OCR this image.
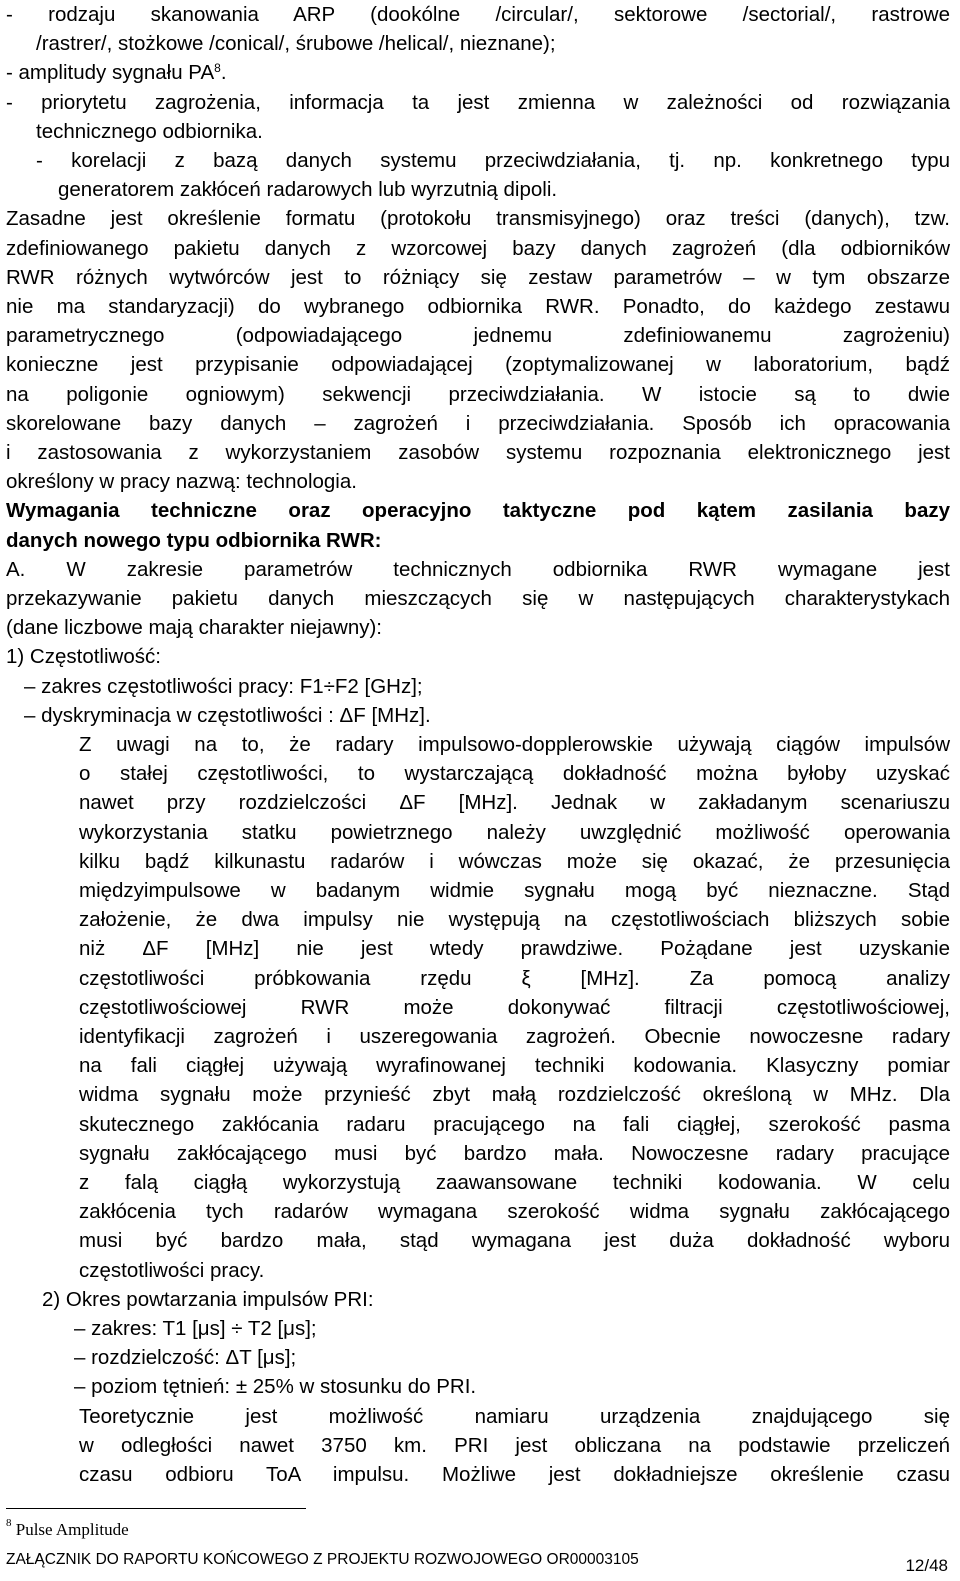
- rodzaju skanowania ARP (dookólne /circular/, sektorowe /sectorial/, rastrowe
/rastrer/, stożkowe /conical/, śrubowe /helical/, nieznane);
- amplitudy sygnału $PA^8$.
- priorytetu zagrożenia, informacja ta jest zmienna w zależności od rozwiązania
technicznego odbiornika.
- korelacji z bazą danych systemu przeciwdziałania, tj. np. konkretnego typu
generatorem zakłóceń radarowych lub wyrzutnią dipoli.
Zasadne jest określenie formatu (protokołu transmisyjnego) oraz treści (danych), tzw.
zdefiniowanego pakietu danych z wzorcowej bazy danych zagrożeń (dla odbiorników
RWR różnych wytwórców jest to różniący się zestaw parametrów – w tym obszarze
nie ma standaryzacji) do wybranego odbiornika RWR. Ponadto, do każdego zestawu
parametrycznego (odpowiadającego jednemu zdefiniowanemu zagrożeniu)
konieczne jest przypisanie odpowiadającej (zoptymalizowanej w laboratorium, bądź
na poligonie ogniowym) sekwencji przeciwdziałania. W istocie są to dwie
skorelowane bazy danych – zagrożeń i przeciwdziałania. Sposób ich opracowania
i zastosowania z wykorzystaniem zasobów systemu rozpoznania elektronicznego jest
określony w pracy nazwą: technologia.
Wymagania techniczne oraz operacyjno taktyczne pod kątem zasilania bazy
danych nowego typu odbiornika RWR:
A. W zakresie parametrów technicznych odbiornika RWR wymagane jest
przekazywanie pakietu danych mieszczących się w następujących charakterystykach
(dane liczbowe mają charakter niejawny):
1) Częstotliwość:
– zakres częstotliwości pracy: F1÷F2 [GHz];
– dyskryminacja w częstotliwości : ΔF [MHz].
Z uwagi na to, że radary impulsowo-dopplerowskie używają ciągów impulsów
o stałej częstotliwości, to wystarczającą dokładność można byłoby uzyskać
nawet przy rozdzielczości ΔF [MHz]. Jednak w zakładanym scenariuszu
wykorzystania statku powietrznego należy uwzględnić możliwość operowania
kilku bądź kilkunastu radarów i wówczas może się okazać, że przesunięcia
międzyimpulsowe w badanym widmie sygnału mogą być nieznaczne. Stąd
założenie, że dwa impulsy nie występują na częstotliwościach bliższych sobie
niż ΔF [MHz] nie jest wtedy prawdziwe. Pożądane jest uzyskanie
częstotliwości próbkowania rzędu ξ [MHz]. Za pomocą analizy
częstotliwościowej RWR może dokonywać filtracji częstotliwościowej,
identyfikacji zagrożeń i uszeregowania zagrożeń. Obecnie nowoczesne radary
na fali ciągłej używają wyrafinowanej techniki kodowania. Klasyczny pomiar
widma sygnału może przynieść zbyt małą rozdzielczość określoną w MHz. Dla
skutecznego zakłócania radaru pracującego na fali ciągłej, szerokość pasma
sygnału zakłócającego musi być bardzo mała. Nowoczesne radary pracujące
z falą ciągłą wykorzystują zaawansowane techniki kodowania. W celu
zakłócenia tych radarów wymagana szerokość widma sygnału zakłócającego
musi być bardzo mała, stąd wymagana jest duża dokładność wyboru
częstotliwości pracy.
2) Okres powtarzania impulsów PRI:
– zakres: T1 [μs] ÷ T2 [μs];
– rozdzielczość: ΔT [μs];
– poziom tętnień: ± 25% w stosunku do PRI.
Teoretycznie jest możliwość namiaru urządzenia znajdującego się
w odległości nawet 3750 km. PRI jest obliczana na podstawie przeliczeń
czasu odbioru ToA impulsu. Możliwe jest dokładniejsze określenie czasu
$^8$ Pulse Amplitude
ZAŁĄCZNIK DO RAPORTU KOŃCOWEGO Z PROJEKTU ROZWOJOWEGO OR00003105	12/48
